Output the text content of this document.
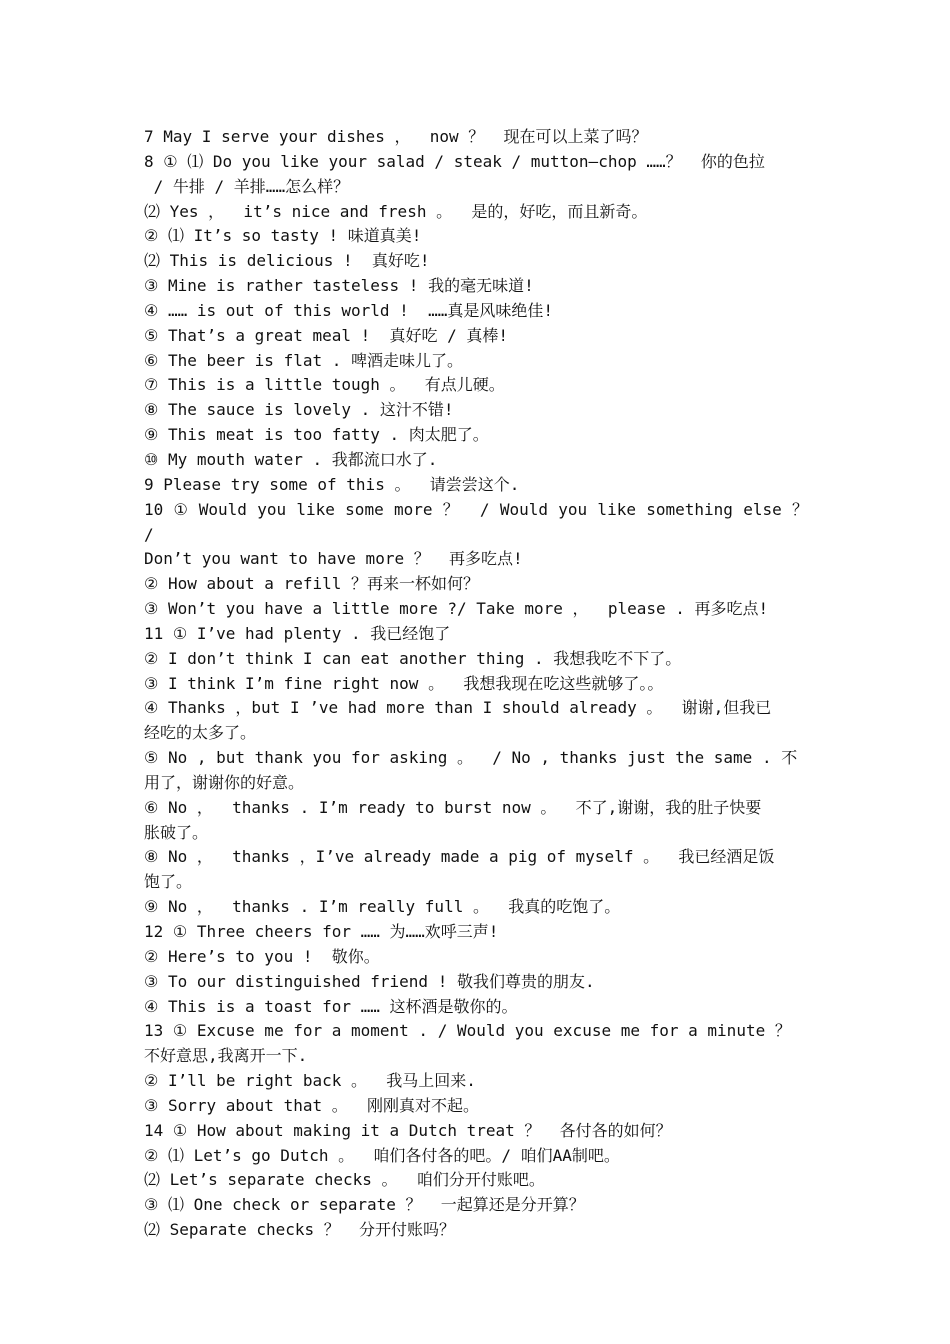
7 May I serve your dishes ，  now ？  现在可以上菜了吗？
8 ① ⑴ Do you like your salad / steak / mutton—chop ……？  你的色拉
/ 牛排 / 羊排……怎么样？
⑵ Yes ，  it’s nice and fresh 。  是的，好吃，而且新奇。
② ⑴ It’s so tasty ! 味道真美!
⑵ This is delicious !  真好吃!
③ Mine is rather tasteless ! 我的毫无味道!
④ …… is out of this world !  ……真是风味绝佳!
⑤ That’s a great meal !  真好吃 / 真棒!
⑥ The beer is flat . 啤酒走味儿了。
⑦ This is a little tough 。  有点儿硬。
⑧ The sauce is lovely . 这汁不错!
⑨ This meat is too fatty . 肉太肥了。
⑩ My mouth water . 我都流口水了.
9 Please try some of this 。  请尝尝这个.
10 ① Would you like some more ？  / Would you like something else ？ /
Don’t you want to have more ？  再多吃点!
② How about a refill ？再来一杯如何？
③ Won’t you have a little more ?/ Take more ，  please . 再多吃点!
11 ① I’ve had plenty . 我已经饱了
② I don’t think I can eat another thing . 我想我吃不下了。
③ I think I’m fine right now 。  我想我现在吃这些就够了。。
④ Thanks ，but I ’ve had more than I should already 。  谢谢,但我已
经吃的太多了。
⑤ No , but thank you for asking 。  / No , thanks just the same . 不
用了，谢谢你的好意。
⑥ No ，  thanks . I’m ready to burst now 。  不了,谢谢，我的肚子快要
胀破了。
⑧ No ，  thanks ，I’ve already made a pig of myself 。  我已经酒足饭
饱了。
⑨ No ，  thanks . I’m really full 。  我真的吃饱了。
12 ① Three cheers for …… 为……欢呼三声!
② Here’s to you !  敬你。
③ To our distinguished friend ! 敬我们尊贵的朋友.
④ This is a toast for …… 这杯酒是敬你的。
13 ① Excuse me for a moment . / Would you excuse me for a minute ？
不好意思,我离开一下.
② I’ll be right back 。  我马上回来.
③ Sorry about that 。  刚刚真对不起。
14 ① How about making it a Dutch treat ？  各付各的如何？
② ⑴ Let’s go Dutch 。  咱们各付各的吧。/ 咱们AA制吧。
⑵ Let’s separate checks 。  咱们分开付账吧。
③ ⑴ One check or separate ？  一起算还是分开算？
⑵ Separate checks ？  分开付账吗？
